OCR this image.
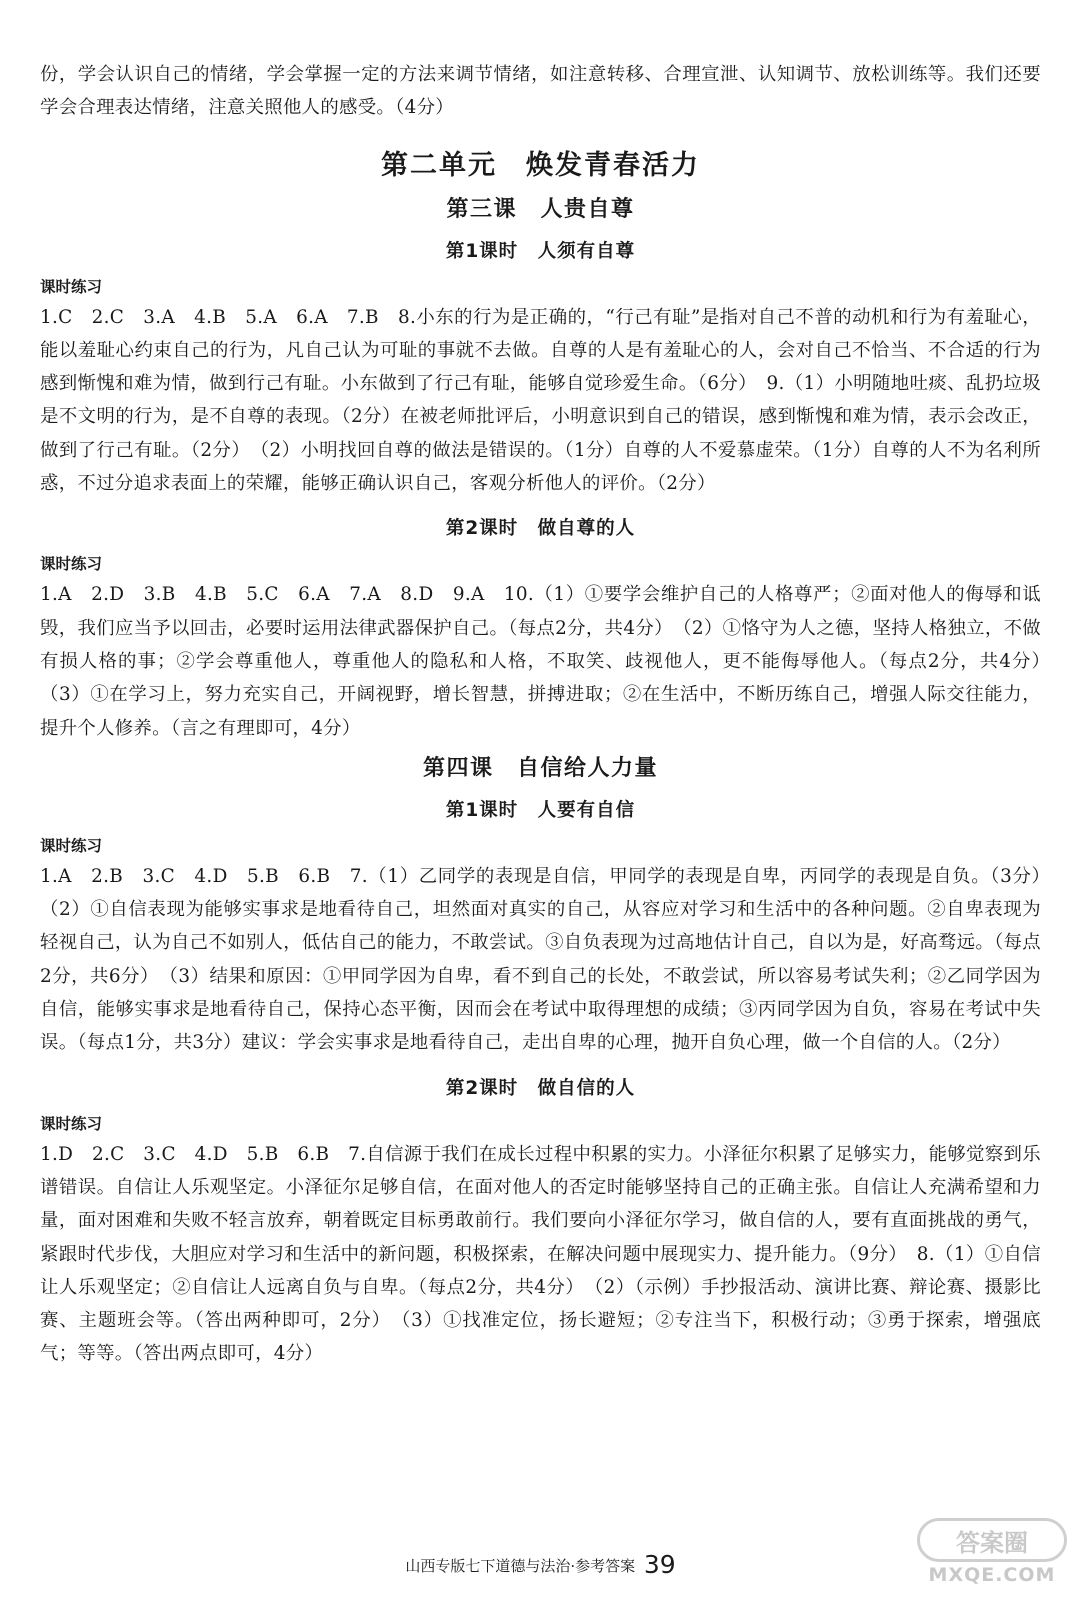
份，学会认识自己的情绪，学会掌握一定的方法来调节情绪，如注意转移、合理宣泄、认知调节、放松训练等。我们还要学会合理表达情绪，注意关照他人的感受。（4分）

第二单元　焕发青春活力
第三课　人贵自尊
第1课时　人须有自尊
课时练习

1.C　2.C　3.A　4.B　5.A　6.A　7.B　8.小东的行为是正确的，“行己有耻”是指对自己不普的动机和行为有羞耻心，能以羞耻心约束自己的行为，凡自己认为可耻的事就不去做。自尊的人是有羞耻心的人，会对自己不恰当、不合适的行为感到惭愧和难为情，做到行己有耻。小东做到了行己有耻，能够自觉珍爱生命。（6分）　9.（1）小明随地吐痰、乱扔垃圾是不文明的行为，是不自尊的表现。（2分）在被老师批评后，小明意识到自己的错误，感到惭愧和难为情，表示会改正，做到了行己有耻。（2分）　（2）小明找回自尊的做法是错误的。（1分）自尊的人不爱慕虚荣。（1分）自尊的人不为名利所惑，不过分追求表面上的荣耀，能够正确认识自己，客观分析他人的评价。（2分）

第2课时　做自尊的人
课时练习

1.A　2.D　3.B　4.B　5.C　6.A　7.A　8.D　9.A　10.（1）①要学会维护自己的人格尊严；②面对他人的侮辱和诋毁，我们应当予以回击，必要时运用法律武器保护自己。（每点2分，共4分）　（2）①恪守为人之德，坚持人格独立，不做有损人格的事；②学会尊重他人，尊重他人的隐私和人格，不取笑、歧视他人，更不能侮辱他人。（每点2分，共4分）　（3）①在学习上，努力充实自己，开阔视野，增长智慧，拼搏进取；②在生活中，不断历练自己，增强人际交往能力，提升个人修养。（言之有理即可，4分）

第四课　自信给人力量
第1课时　人要有自信
课时练习

1.A　2.B　3.C　4.D　5.B　6.B　7.（1）乙同学的表现是自信，甲同学的表现是自卑，丙同学的表现是自负。（3分）　（2）①自信表现为能够实事求是地看待自己，坦然面对真实的自己，从容应对学习和生活中的各种问题。②自卑表现为轻视自己，认为自己不如别人，低估自己的能力，不敢尝试。③自负表现为过高地估计自己，自以为是，好高骛远。（每点2分，共6分）　（3）结果和原因：①甲同学因为自卑，看不到自己的长处，不敢尝试，所以容易考试失利；②乙同学因为自信，能够实事求是地看待自己，保持心态平衡，因而会在考试中取得理想的成绩；③丙同学因为自负，容易在考试中失误。（每点1分，共3分）建议：学会实事求是地看待自己，走出自卑的心理，抛开自负心理，做一个自信的人。（2分）

第2课时　做自信的人
课时练习

1.D　2.C　3.C　4.D　5.B　6.B　7.自信源于我们在成长过程中积累的实力。小泽征尔积累了足够实力，能够觉察到乐谱错误。自信让人乐观坚定。小泽征尔足够自信，在面对他人的否定时能够坚持自己的正确主张。自信让人充满希望和力量，面对困难和失败不轻言放弃，朝着既定目标勇敢前行。我们要向小泽征尔学习，做自信的人，要有直面挑战的勇气，紧跟时代步伐，大胆应对学习和生活中的新问题，积极探索，在解决问题中展现实力、提升能力。（9分）　8.（1）①自信让人乐观坚定；②自信让人远离自负与自卑。（每点2分，共4分）　（2）（示例）手抄报活动、演讲比赛、辩论赛、摄影比赛、主题班会等。（答出两种即可，2分）　（3）①找准定位，扬长避短；②专注当下，积极行动；③勇于探索，增强底气；等等。（答出两点即可，4分）

山西专版七下道德与法治·参考答案 39
答案圈
MXQE.COM
